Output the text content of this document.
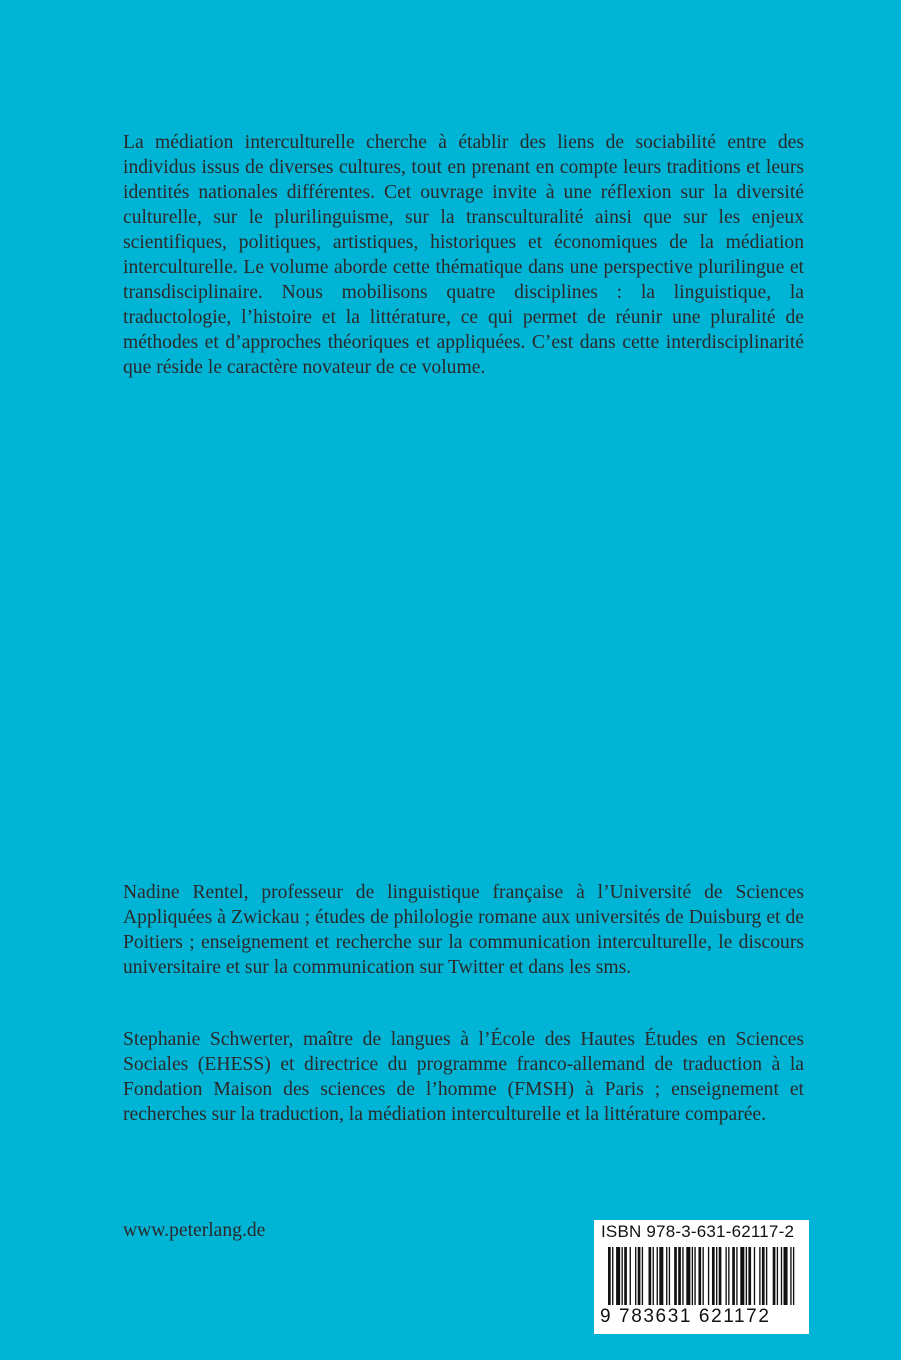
La médiation interculturelle cherche à établir des liens de sociabilité entre des individus issus de diverses cultures, tout en prenant en compte leurs traditions et leurs identités nationales différentes. Cet ouvrage invite à une réflexion sur la diversité culturelle, sur le plurilinguisme, sur la transculturalité ainsi que sur les enjeux scientifiques, politiques, artistiques, historiques et économiques de la médiation interculturelle. Le volume aborde cette thématique dans une perspective plurilingue et transdisciplinaire. Nous mobilisons quatre disciplines : la linguistique, la traductologie, l’histoire et la littérature, ce qui permet de réunir une pluralité de méthodes et d’approches théoriques et appliquées. C’est dans cette interdisciplinarité que réside le caractère novateur de ce volume.

Nadine Rentel, professeur de linguistique française à l’Université de Sciences Appliquées à Zwickau ; études de philologie romane aux universités de Duisburg et de Poitiers ; enseignement et recherche sur la communication interculturelle, le discours universitaire et sur la communication sur Twitter et dans les sms.

Stephanie Schwerter, maître de langues à l’École des Hautes Études en Sciences Sociales (EHESS) et directrice du programme franco-allemand de traduction à la Fondation Maison des sciences de l’homme (FMSH) à Paris ; enseignement et recherches sur la traduction, la médiation interculturelle et la littérature comparée.

www.peterlang.de	ISBN 978-3-631-62117-2
9 783631 621172
